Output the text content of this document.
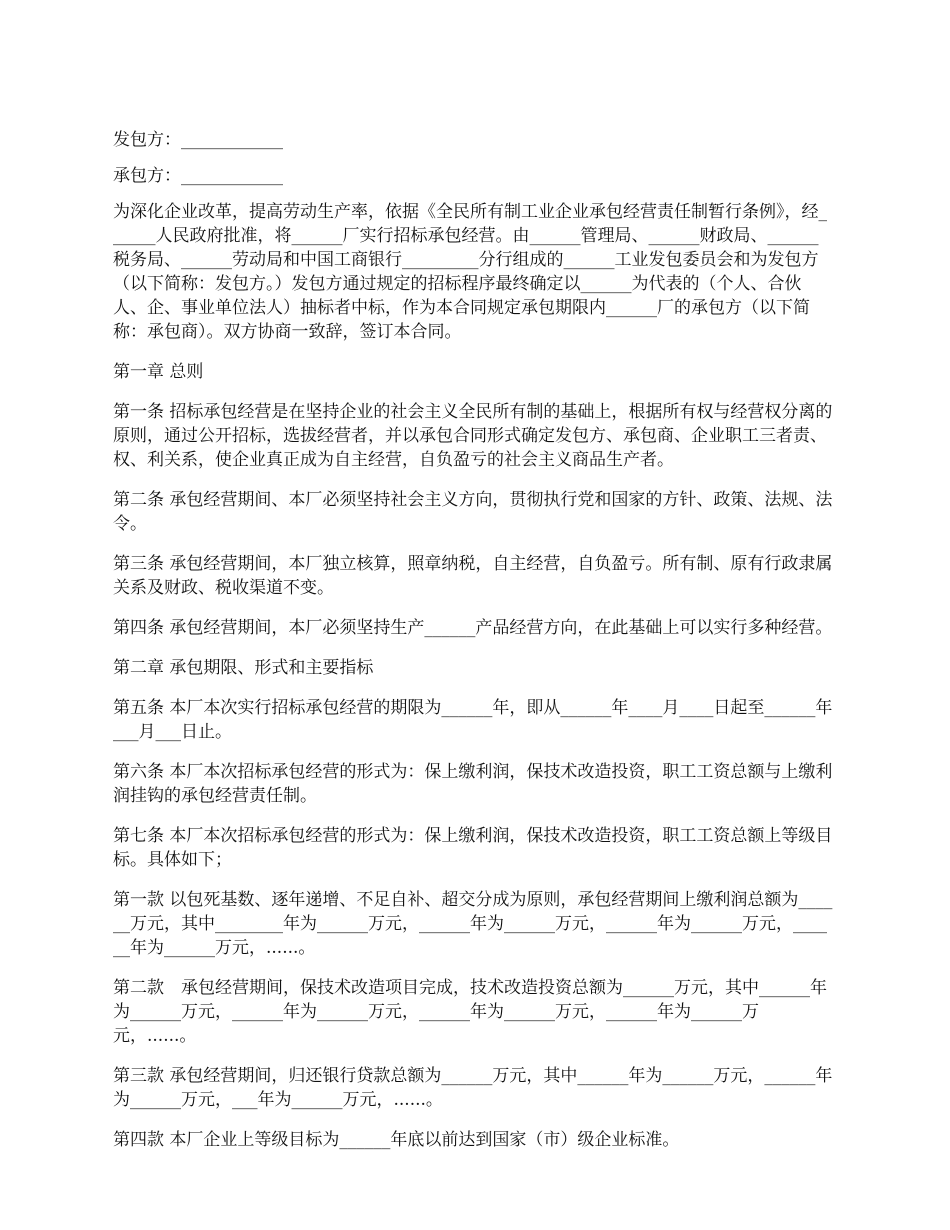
发包方：____________

承包方：____________

为深化企业改革，提高劳动生产率，依据《全民所有制工业企业承包经营责任制暂行条例》，经______人民政府批准，将______厂实行招标承包经营。由______管理局、______财政局、______税务局、______劳动局和中国工商银行_________分行组成的______工业发包委员会和为发包方（以下简称：发包方。）发包方通过规定的招标程序最终确定以______为代表的（个人、合伙人、企、事业单位法人）抽标者中标，作为本合同规定承包期限内______厂的承包方（以下简称：承包商）。双方协商一致辞，签订本合同。

第一章 总则

第一条 招标承包经营是在坚持企业的社会主义全民所有制的基础上，根据所有权与经营权分离的原则，通过公开招标，选拔经营者，并以承包合同形式确定发包方、承包商、企业职工三者责、权、利关系，使企业真正成为自主经营，自负盈亏的社会主义商品生产者。

第二条 承包经营期间、本厂必须坚持社会主义方向，贯彻执行党和国家的方针、政策、法规、法令。

第三条 承包经营期间，本厂独立核算，照章纳税，自主经营，自负盈亏。所有制、原有行政隶属关系及财政、税收渠道不变。

第四条 承包经营期间，本厂必须坚持生产______产品经营方向，在此基础上可以实行多种经营。

第二章 承包期限、形式和主要指标

第五条 本厂本次实行招标承包经营的期限为______年，即从______年____月____日起至______年___月___日止。

第六条 本厂本次招标承包经营的形式为：保上缴利润，保技术改造投资，职工工资总额与上缴利润挂钩的承包经营责任制。

第七条 本厂本次招标承包经营的形式为：保上缴利润，保技术改造投资，职工工资总额上等级目标。具体如下；

第一款 以包死基数、逐年递增、不足自补、超交分成为原则，承包经营期间上缴利润总额为______万元，其中________年为______万元，______年为______万元，______年为______万元，______年为______万元，......。

第二款　承包经营期间，保技术改造项目完成，技术改造投资总额为______万元，其中______年为______万元，______年为______万元，______年为______万元，______年为______万元，......。

第三款 承包经营期间，归还银行贷款总额为______万元，其中______年为______万元，______年为______万元，___年为______万元，......。

第四款 本厂企业上等级目标为______年底以前达到国家（市）级企业标准。
